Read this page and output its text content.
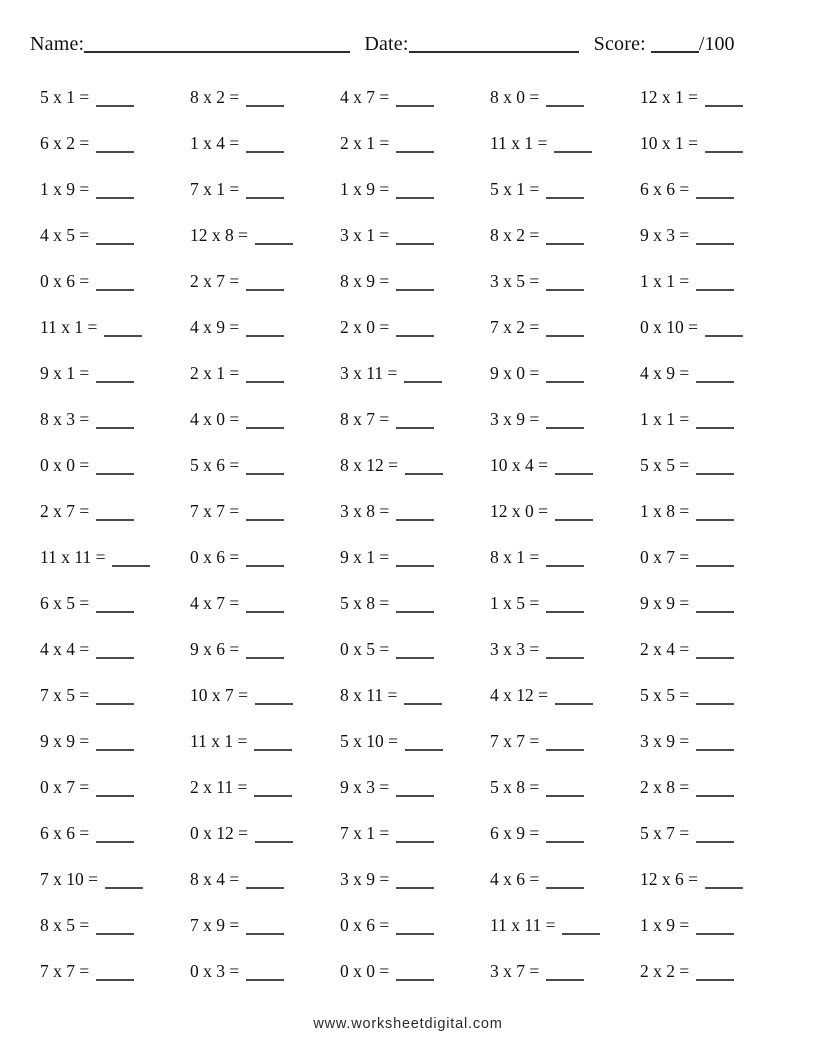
Name:	Date:	Score:
	/100
5 x 1 =	8 x 2 =	4 x 7 =	8 x 0 =	12 x 1 =
6 x 2 =	1 x 4 =	2 x 1 =	11 x 1 =	10 x 1 =
1 x 9 =	7 x 1 =	1 x 9 =	5 x 1 =	6 x 6 =
4 x 5 =	12 x 8 =	3 x 1 =	8 x 2 =	9 x 3 =
0 x 6 =	2 x 7 =	8 x 9 =	3 x 5 =	1 x 1 =
11 x 1 =	4 x 9 =	2 x 0 =	7 x 2 =	0 x 10 =
9 x 1 =	2 x 1 =	3 x 11 =	9 x 0 =	4 x 9 =
8 x 3 =	4 x 0 =	8 x 7 =	3 x 9 =	1 x 1 =
0 x 0 =	5 x 6 =	8 x 12 =	10 x 4 =	5 x 5 =
2 x 7 =	7 x 7 =	3 x 8 =	12 x 0 =	1 x 8 =
11 x 11 =	0 x 6 =	9 x 1 =	8 x 1 =	0 x 7 =
6 x 5 =	4 x 7 =	5 x 8 =	1 x 5 =	9 x 9 =
4 x 4 =	9 x 6 =	0 x 5 =	3 x 3 =	2 x 4 =
7 x 5 =	10 x 7 =	8 x 11 =	4 x 12 =	5 x 5 =
9 x 9 =	11 x 1 =	5 x 10 =	7 x 7 =	3 x 9 =
0 x 7 =	2 x 11 =	9 x 3 =	5 x 8 =	2 x 8 =
6 x 6 =	0 x 12 =	7 x 1 =	6 x 9 =	5 x 7 =
7 x 10 =	8 x 4 =	3 x 9 =	4 x 6 =	12 x 6 =
8 x 5 =	7 x 9 =	0 x 6 =	11 x 11 =	1 x 9 =
7 x 7 =	0 x 3 =	0 x 0 =	3 x 7 =	2 x 2 =
www.worksheetdigital.com
